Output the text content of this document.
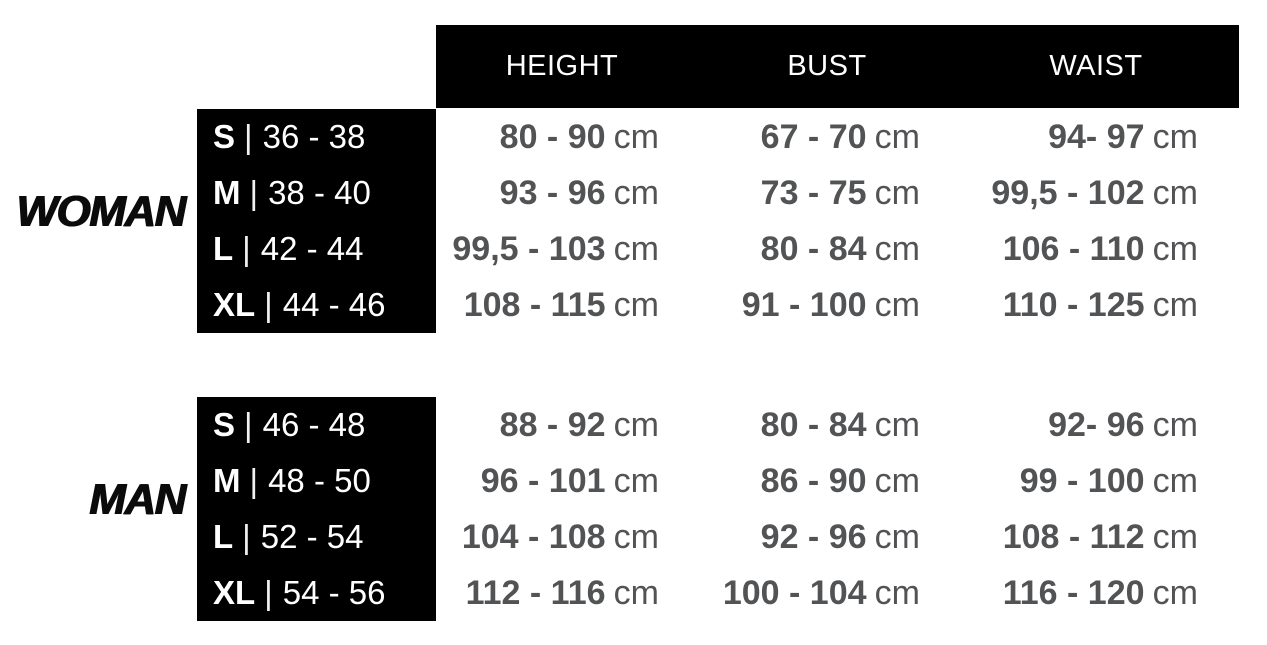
HEIGHT	BUST	WAIST
WOMAN
S | 36 - 38	80 - 90 cm	67 - 70 cm	94- 97 cm
M | 38 - 40	93 - 96 cm	73 - 75 cm 99,5 - 102 cm
L | 42 - 44	99,5 - 103 cm	80 - 84 cm 106 - 110 cm
XL | 44 - 46 108 - 115 cm 91 - 100 cm 110 - 125 cm
MAN
S | 46 - 48	88 - 92 cm	80 - 84 cm	92- 96 cm
M | 48 - 50	96 - 101 cm	86 - 90 cm	99 - 100 cm
L | 52 - 54	104 - 108 cm	92 - 96 cm 108 - 112 cm
XL | 54 - 56 112 - 116 cm 100 - 104 cm 116 - 120 cm
